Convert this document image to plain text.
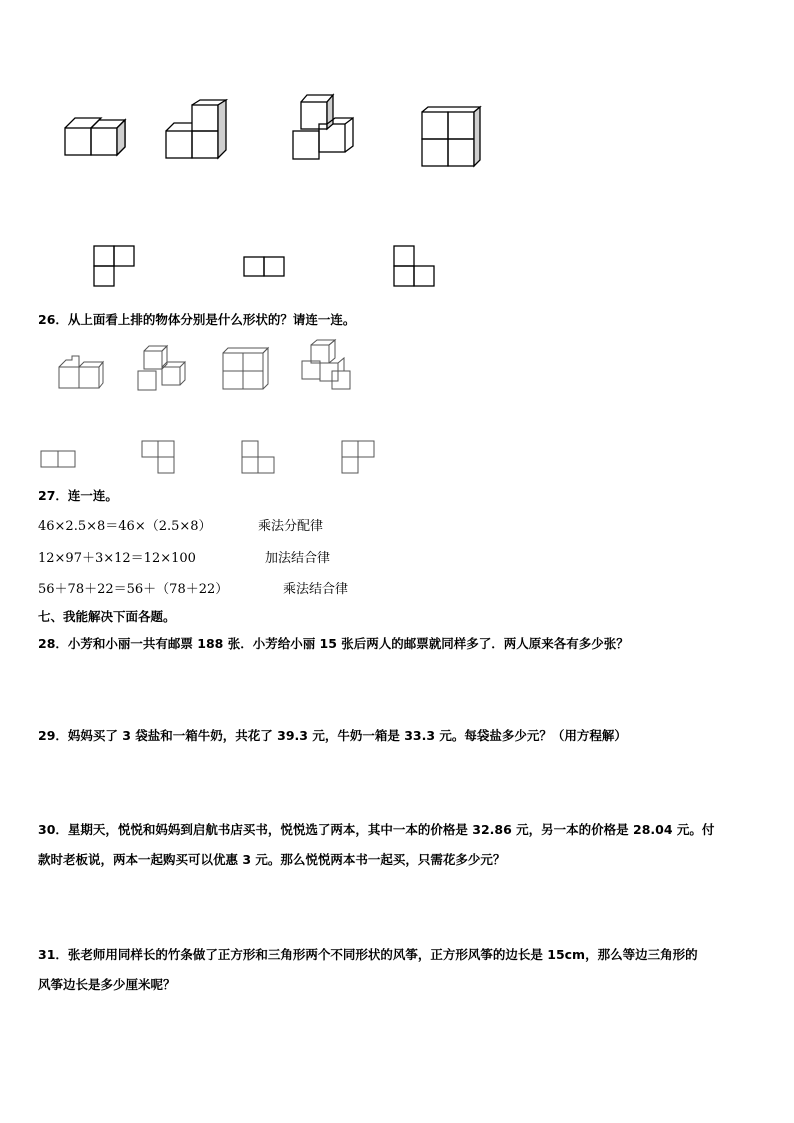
26．从上面看上排的物体分别是什么形状的？请连一连。
27．连一连。
46×2.5×8＝46×（2.5×8）	乘法分配律
12×97＋3×12＝12×100	加法结合律
56＋78＋22＝56＋（78＋22）	乘法结合律
七、我能解决下面各题。
28．小芳和小丽一共有邮票 188 张．小芳给小丽 15 张后两人的邮票就同样多了．两人原来各有多少张？
29．妈妈买了 3 袋盐和一箱牛奶，共花了 39.3 元，牛奶一箱是 33.3 元。每袋盐多少元？（用方程解）
30．星期天，悦悦和妈妈到启航书店买书，悦悦选了两本，其中一本的价格是 32.86 元，另一本的价格是 28.04 元。付
款时老板说，两本一起购买可以优惠 3 元。那么悦悦两本书一起买，只需花多少元？
31．张老师用同样长的竹条做了正方形和三角形两个不同形状的风筝，正方形风筝的边长是 15cm，那么等边三角形的
风筝边长是多少厘米呢？
